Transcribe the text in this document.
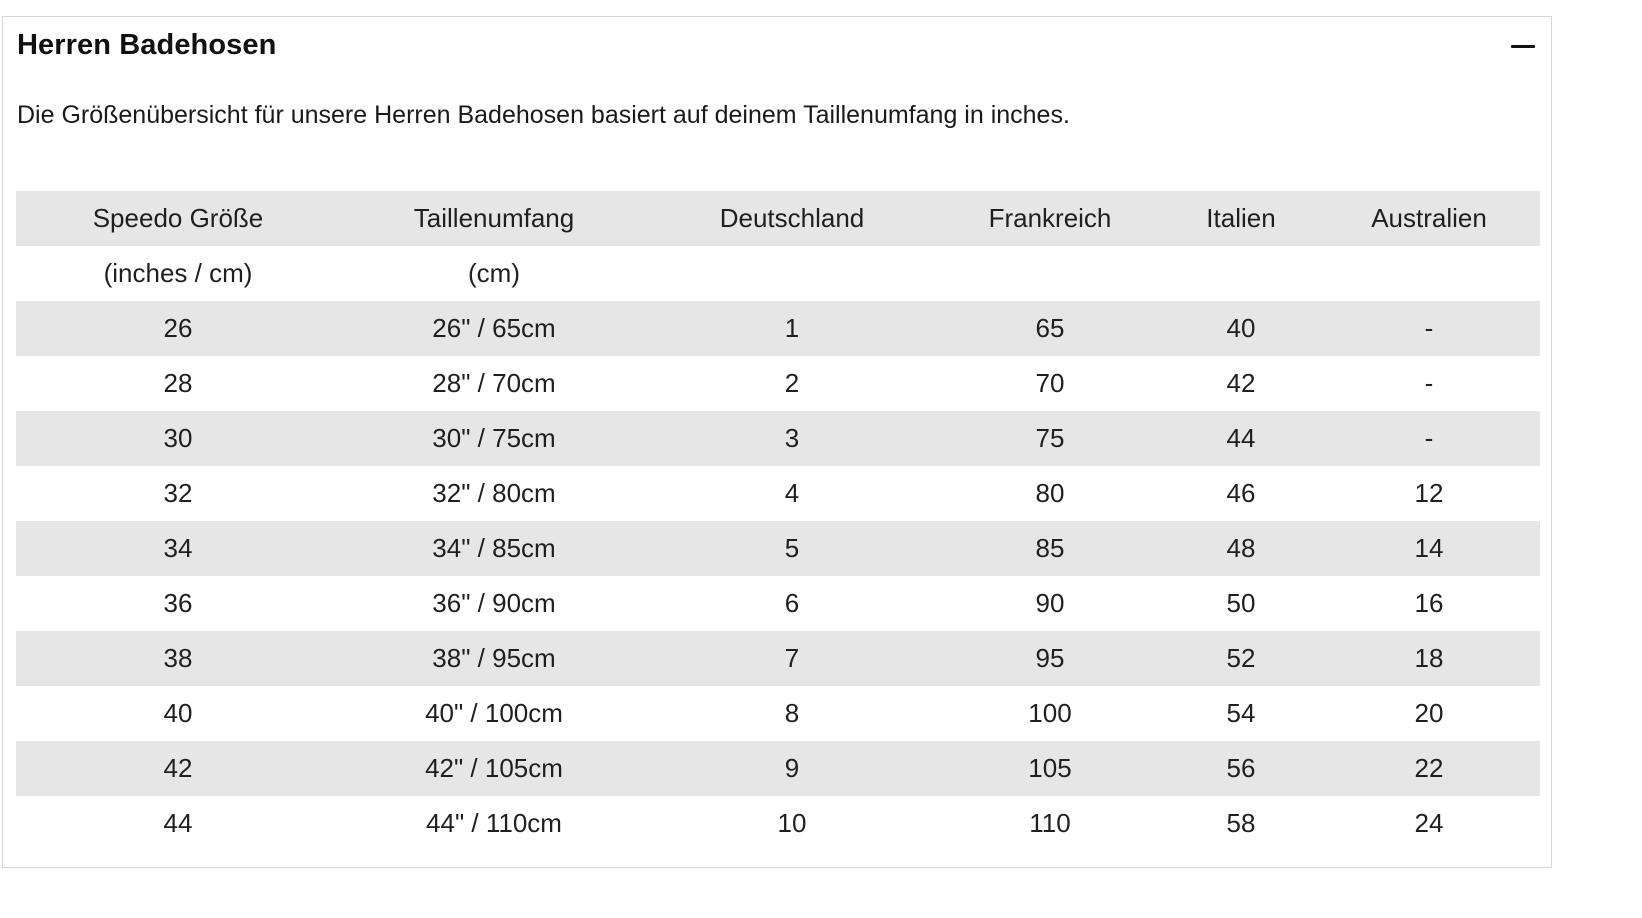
Herren Badehosen
Die Größenübersicht für unsere Herren Badehosen basiert auf deinem Taillenumfang in inches.
Speedo Größe	Taillenumfang	Deutschland	Frankreich	Italien	Australien
(inches / cm)	(cm)				
26	26" / 65cm	1	65	40	-
28	28" / 70cm	2	70	42	-
30	30" / 75cm	3	75	44	-
32	32" / 80cm	4	80	46	12
34	34" / 85cm	5	85	48	14
36	36" / 90cm	6	90	50	16
38	38" / 95cm	7	95	52	18
40	40" / 100cm	8	100	54	20
42	42" / 105cm	9	105	56	22
44	44" / 110cm	10	110	58	24
